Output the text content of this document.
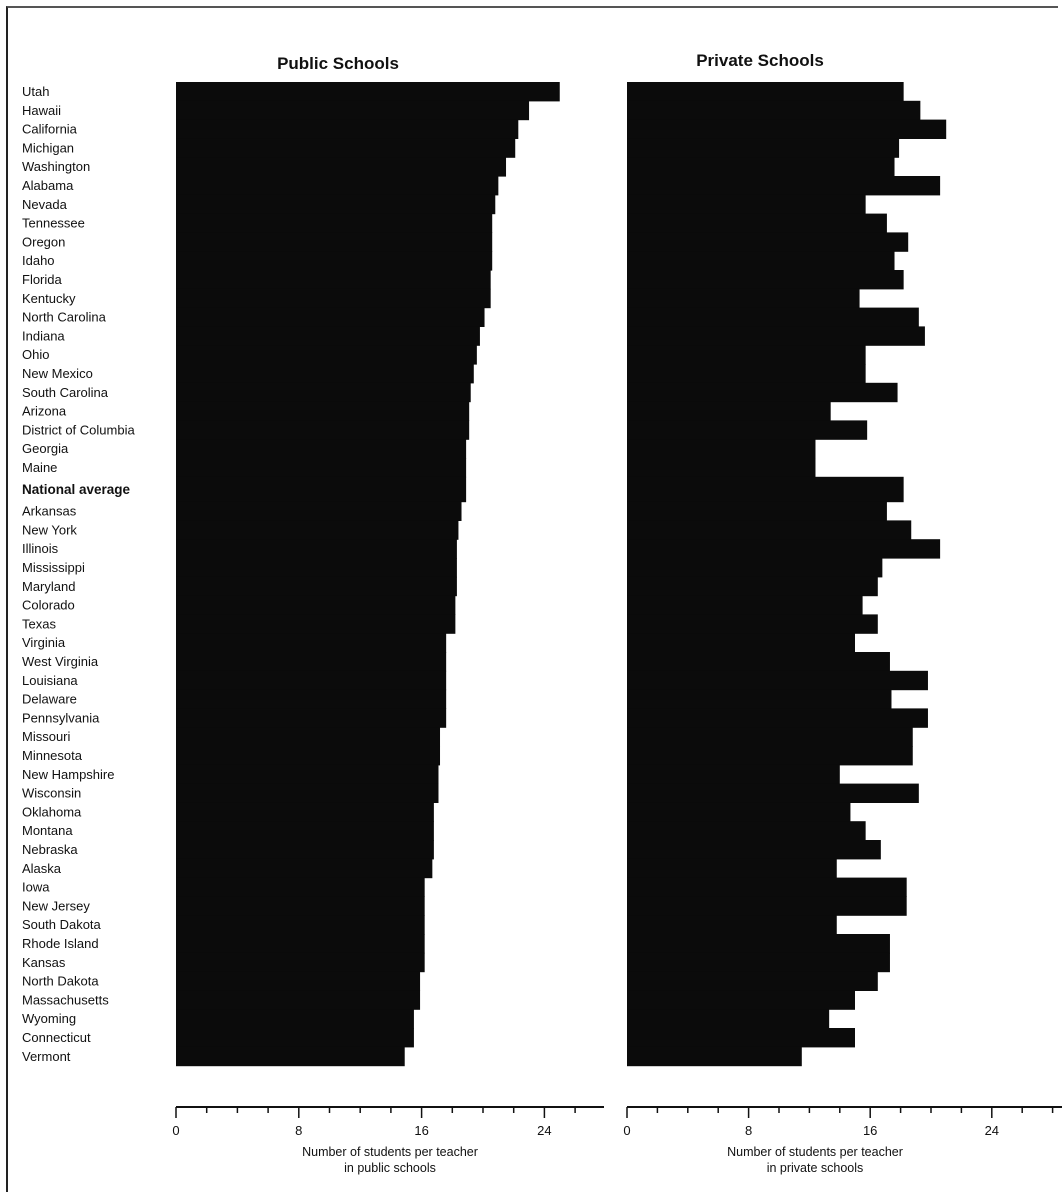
Public Schools	Private Schools
Utah
Hawaii
California
Michigan
Washington
Alabama
Nevada
Tennessee
Oregon
Idaho
Florida
Kentucky
North Carolina
Indiana
Ohio
New Mexico
South Carolina
Arizona
District of Columbia
Georgia
Maine
National average
Arkansas
New York
Illinois
Mississippi
Maryland
Colorado
Texas
Virginia
West Virginia
Louisiana
Delaware
Pennsylvania
Missouri
Minnesota
New Hampshire
Wisconsin
Oklahoma
Montana
Nebraska
Alaska
Iowa
New Jersey
South Dakota
Rhode Island
Kansas
North Dakota
Massachusetts
Wyoming
Connecticut
Vermont
0	8	16	24
Number of students per teacher
in public schools
0	8	16	24
Number of students per teacher
in private schools
